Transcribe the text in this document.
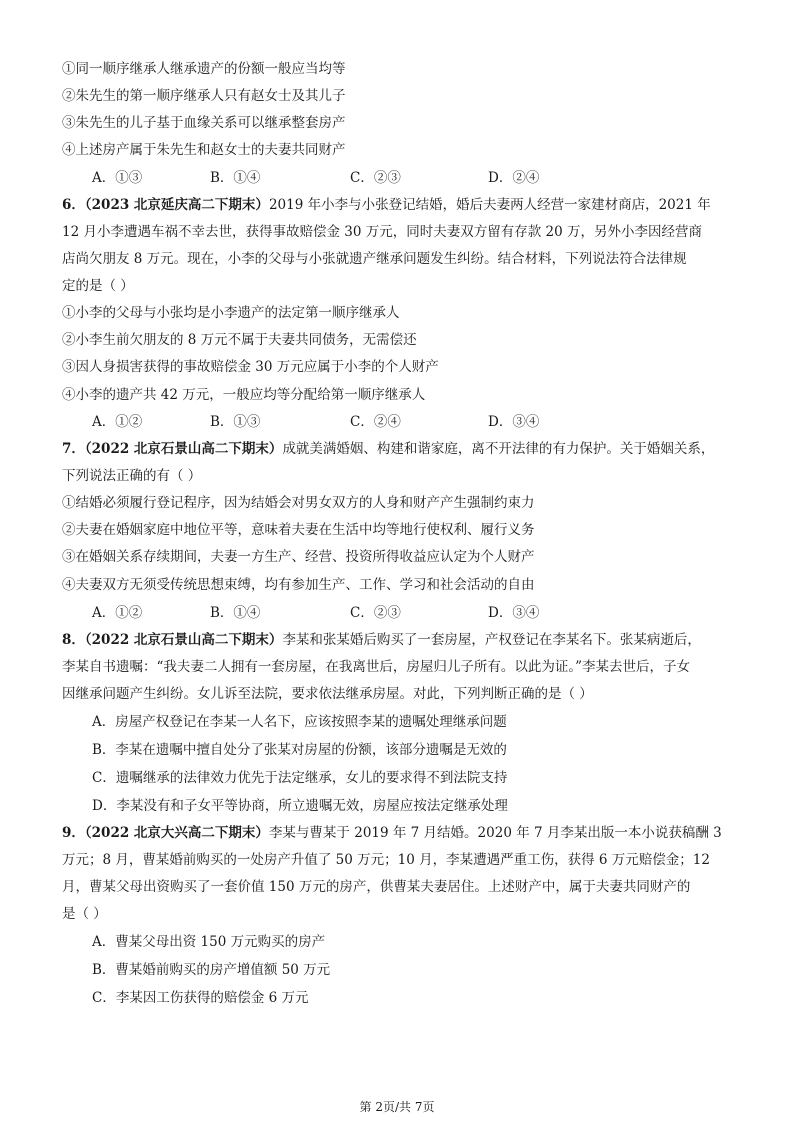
①同一顺序继承人继承遗产的份额一般应当均等
②朱先生的第一顺序继承人只有赵女士及其儿子
③朱先生的儿子基于血缘关系可以继承整套房产
④上述房产属于朱先生和赵女士的夫妻共同财产
A．①③	B．①④	C．②③	D．②④
6．（2023 北京延庆高二下期末）2019 年小李与小张登记结婚，婚后夫妻两人经营一家建材商店，2021 年
12 月小李遭遇车祸不幸去世，获得事故赔偿金 30 万元，同时夫妻双方留有存款 20 万，另外小李因经营商
店尚欠朋友 8 万元。现在，小李的父母与小张就遗产继承问题发生纠纷。结合材料，下列说法符合法律规
定的是（ ）
①小李的父母与小张均是小李遗产的法定第一顺序继承人
②小李生前欠朋友的 8 万元不属于夫妻共同债务，无需偿还
③因人身损害获得的事故赔偿金 30 万元应属于小李的个人财产
④小李的遗产共 42 万元，一般应均等分配给第一顺序继承人
A．①②	B．①③	C．②④	D．③④
7．（2022 北京石景山高二下期末）成就美满婚姻、构建和谐家庭，离不开法律的有力保护。关于婚姻关系，
下列说法正确的有（ ）
①结婚必须履行登记程序，因为结婚会对男女双方的人身和财产产生强制约束力
②夫妻在婚姻家庭中地位平等，意味着夫妻在生活中均等地行使权利、履行义务
③在婚姻关系存续期间，夫妻一方生产、经营、投资所得收益应认定为个人财产
④夫妻双方无须受传统思想束缚，均有参加生产、工作、学习和社会活动的自由
A．①②	B．①④	C．②③	D．③④
8．（2022 北京石景山高二下期末）李某和张某婚后购买了一套房屋，产权登记在李某名下。张某病逝后，
李某自书遗嘱：“我夫妻二人拥有一套房屋，在我离世后，房屋归儿子所有。以此为证。”李某去世后，子女
因继承问题产生纠纷。女儿诉至法院，要求依法继承房屋。对此，下列判断正确的是（ ）
A．房屋产权登记在李某一人名下，应该按照李某的遗嘱处理继承问题
B．李某在遗嘱中擅自处分了张某对房屋的份额，该部分遗嘱是无效的
C．遗嘱继承的法律效力优先于法定继承，女儿的要求得不到法院支持
D．李某没有和子女平等协商，所立遗嘱无效，房屋应按法定继承处理
9．（2022 北京大兴高二下期末）李某与曹某于 2019 年 7 月结婚。2020 年 7 月李某出版一本小说获稿酬 3
万元；8 月，曹某婚前购买的一处房产升值了 50 万元；10 月，李某遭遇严重工伤，获得 6 万元赔偿金；12
月，曹某父母出资购买了一套价值 150 万元的房产，供曹某夫妻居住。上述财产中，属于夫妻共同财产的
是（ ）
A．曹某父母出资 150 万元购买的房产
B．曹某婚前购买的房产增值额 50 万元
C．李某因工伤获得的赔偿金 6 万元
第 2页/共 7页
